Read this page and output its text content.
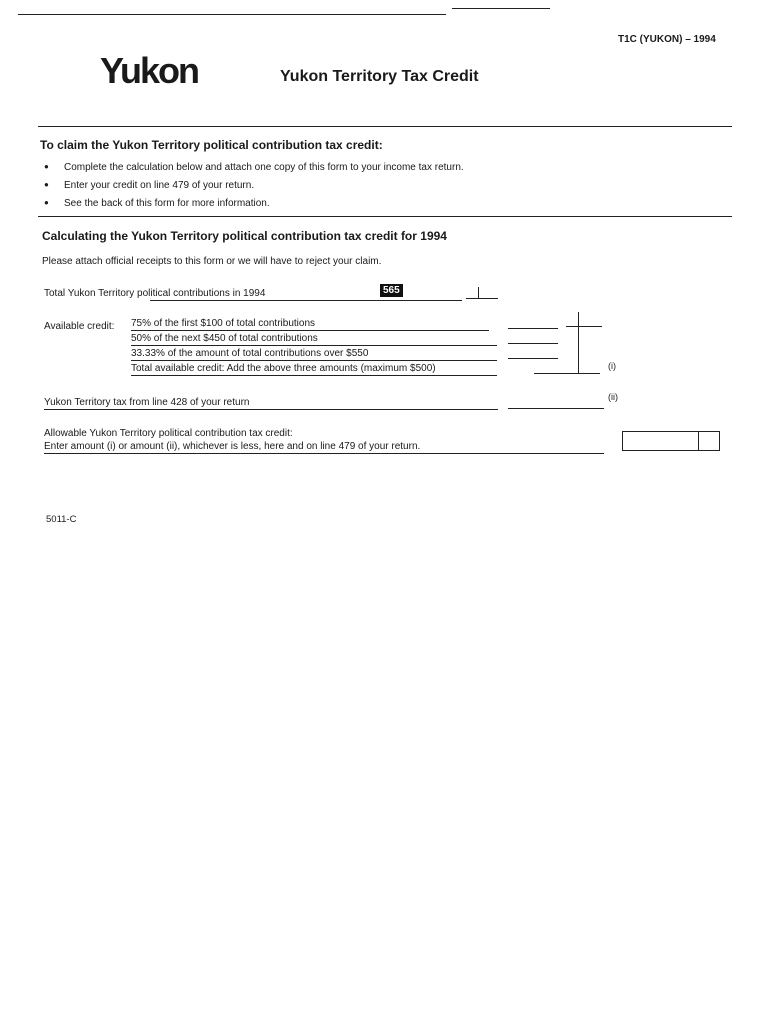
T1C (YUKON) – 1994
Yukon	Yukon Territory Tax Credit
To claim the Yukon Territory political contribution tax credit:
● Complete the calculation below and attach one copy of this form to your income tax return.
● Enter your credit on line 479 of your return.
● See the back of this form for more information.
Calculating the Yukon Territory political contribution tax credit for 1994
Please attach official receipts to this form or we will have to reject your claim.
Total Yukon Territory political contributions in 1994	565
Available credit: 75% of the first $100 of total contributions
50% of the next $450 of total contributions
33.33% of the amount of total contributions over $550
Total available credit: Add the above three amounts (maximum $500)	(i)
Yukon Territory tax from line 428 of your return	(ii)
Allowable Yukon Territory political contribution tax credit:
Enter amount (i) or amount (ii), whichever is less, here and on line 479 of your return.
5011-C
